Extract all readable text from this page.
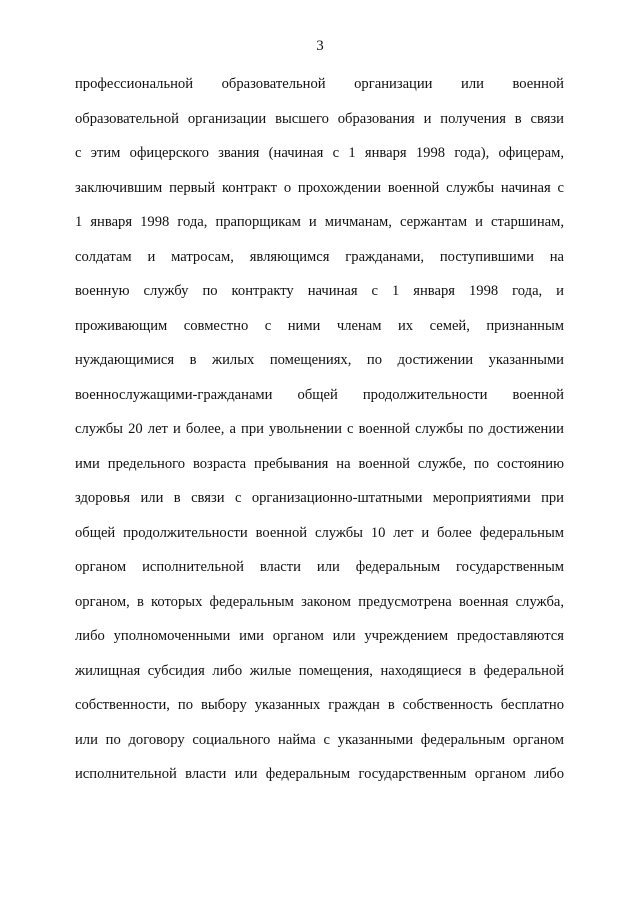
3
профессиональной образовательной организации или военной
образовательной организации высшего образования и получения в связи
с этим офицерского звания (начиная с 1 января 1998 года), офицерам,
заключившим первый контракт о прохождении военной службы начиная с
1 января 1998 года, прапорщикам и мичманам, сержантам и старшинам,
солдатам и матросам, являющимся гражданами, поступившими на
военную службу по контракту начиная с 1 января 1998 года, и
проживающим совместно с ними членам их семей, признанным
нуждающимися в жилых помещениях, по достижении указанными
военнослужащими-гражданами общей продолжительности военной
службы 20 лет и более, а при увольнении с военной службы по достижении
ими предельного возраста пребывания на военной службе, по состоянию
здоровья или в связи с организационно-штатными мероприятиями при
общей продолжительности военной службы 10 лет и более федеральным
органом исполнительной власти или федеральным государственным
органом, в которых федеральным законом предусмотрена военная служба,
либо уполномоченными ими органом или учреждением предоставляются
жилищная субсидия либо жилые помещения, находящиеся в федеральной
собственности, по выбору указанных граждан в собственность бесплатно
или по договору социального найма с указанными федеральным органом
исполнительной власти или федеральным государственным органом либо
